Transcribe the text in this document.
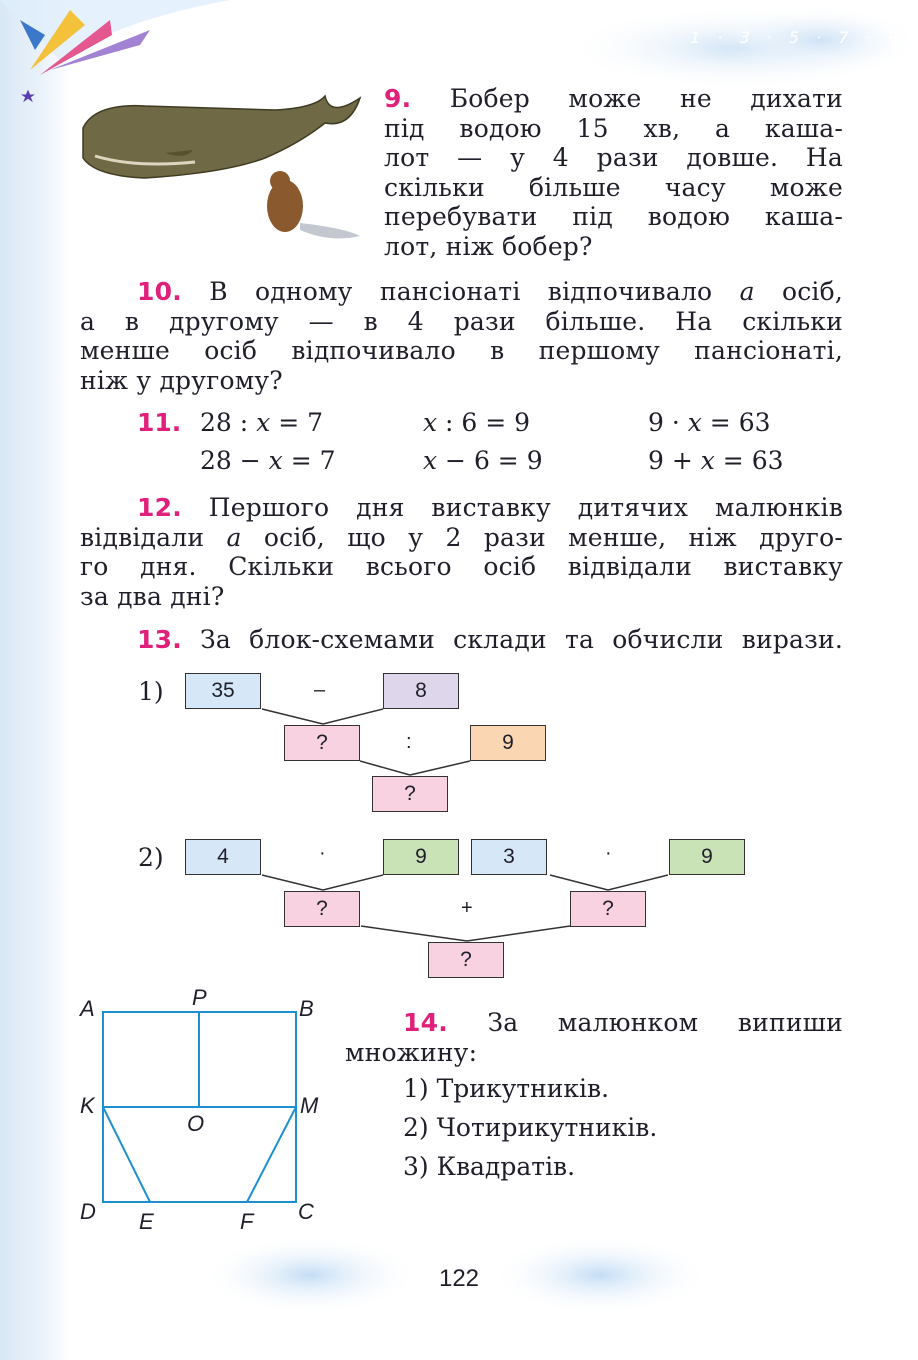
1 · 3 · 5 · 7 · 9
9. Бобер може не дихати
під водою 15 хв, а каша-
лот — у 4 рази довше. На
скільки більше часу може
перебувати під водою каша-
лот, ніж бобер?
10. В одному пансіонаті відпочивало a осіб,
а в другому — в 4 рази більше. На скільки
менше осіб відпочивало в першому пансіонаті,
ніж у другому?
11. 28 : x = 7	x : 6 = 9	9 · x = 63
28 − x = 7	x − 6 = 9	9 + x = 63
12. Першого дня виставку дитячих малюнків
відвідали a осіб, що у 2 рази менше, ніж друго-
го дня. Скільки всього осіб відвідали виставку
за два дні?
13. За блок-схемами склади та обчисли вирази.
1)	35	–	8
?	:	9
?
2)	4	·	9	3	·	9
?	+	?
?
A	P	B
K
O
M
D E	F C
14. За малюнком випиши
множину:
1) Трикутників.
2) Чотирикутників.
3) Квадратів.
122
